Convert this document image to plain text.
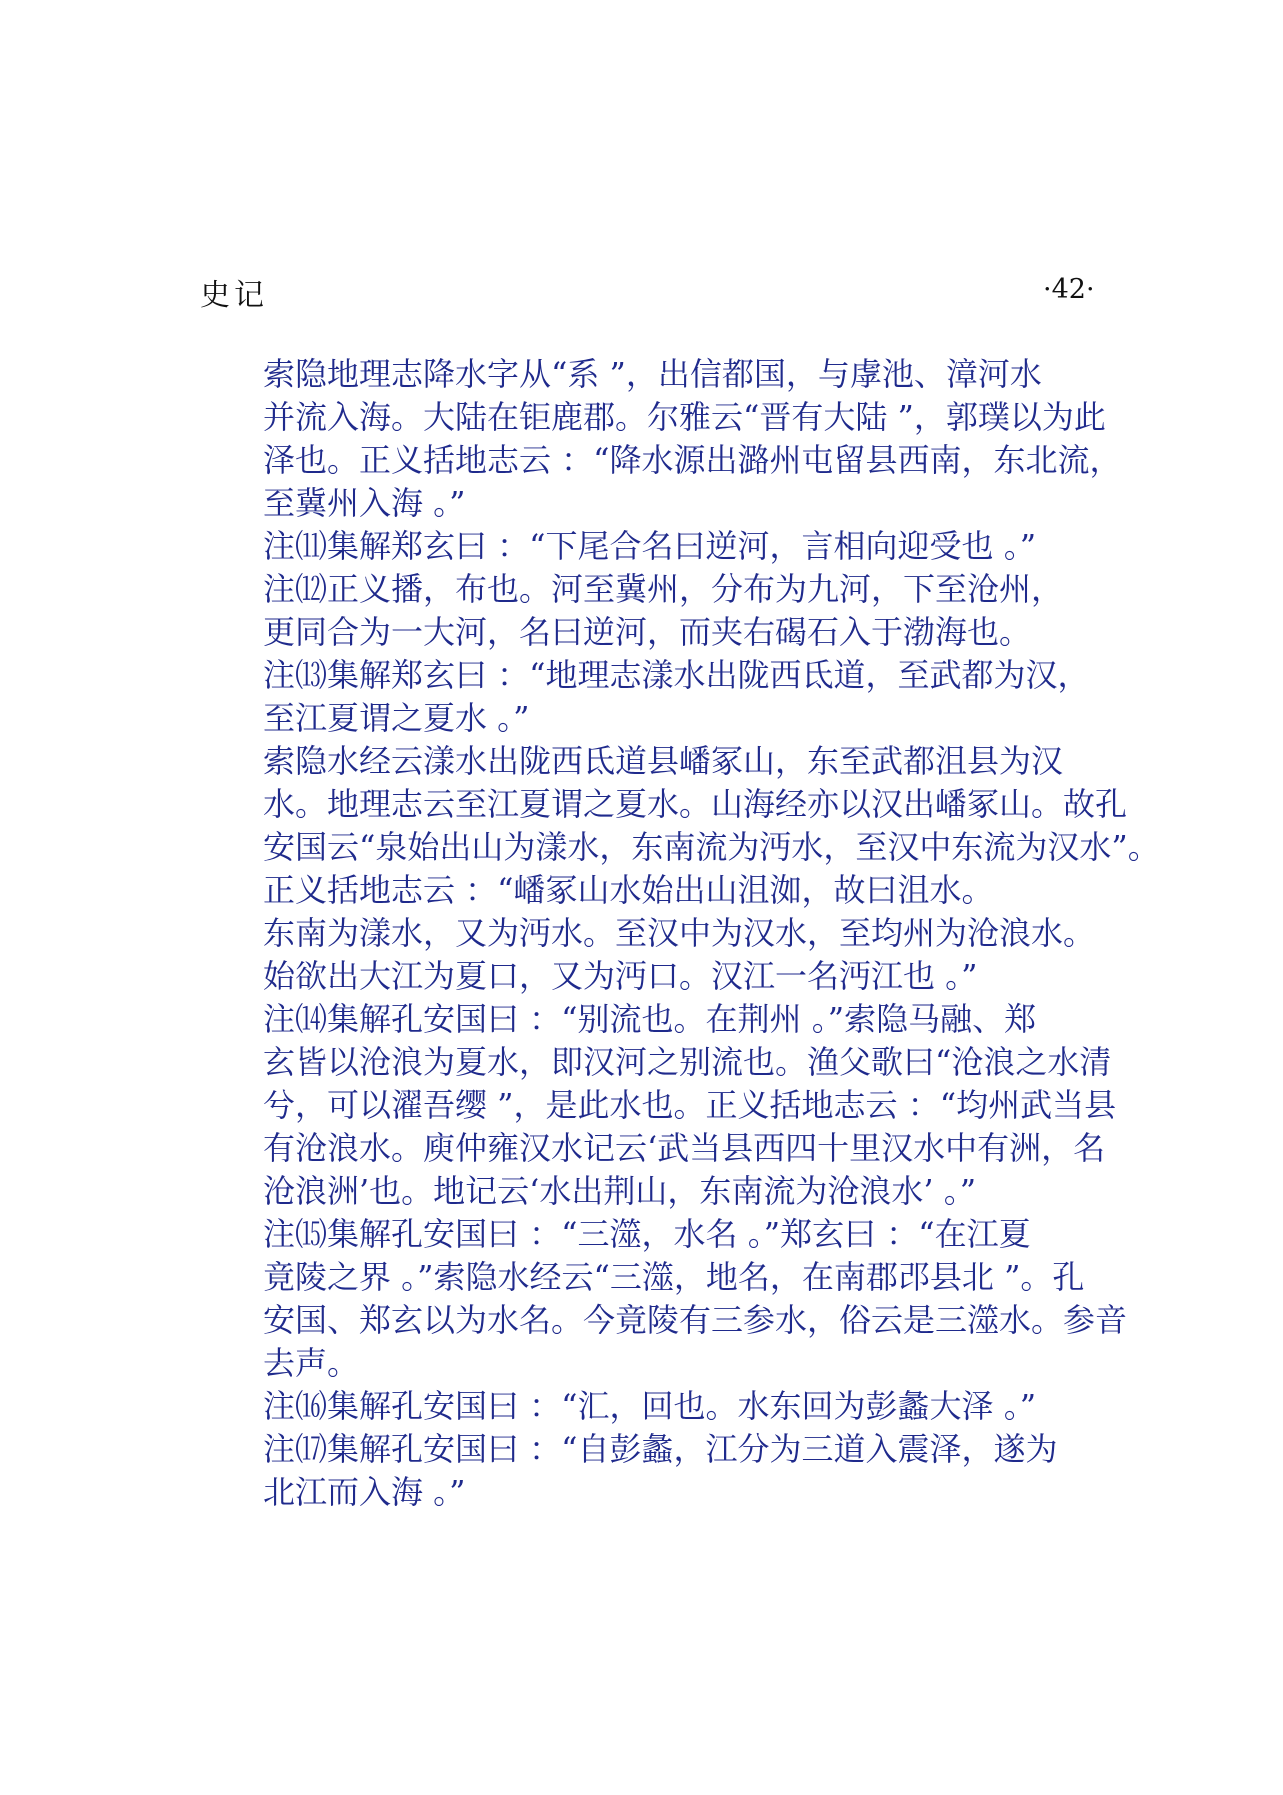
史记	·42·

索隐地理志降水字从“系 ”，出信都国，与虖池、漳河水
并流入海。大陆在钜鹿郡。尔雅云“晋有大陆 ”，郭璞以为此
泽也。正义括地志云 ：“降水源出潞州屯留县西南，东北流，
至冀州入海 。”

注⑾集解郑玄曰 ：“下尾合名曰逆河，言相向迎受也 。”

注⑿正义播，布也。河至冀州，分布为九河，下至沧州，
更同合为一大河，名曰逆河，而夹右碣石入于渤海也。

注⒀集解郑玄曰 ：“地理志漾水出陇西氐道，至武都为汉，
至江夏谓之夏水 。”

索隐水经云漾水出陇西氐道县嶓冢山，东至武都沮县为汉
水。地理志云至江夏谓之夏水。山海经亦以汉出嶓冢山。故孔
安国云“泉始出山为漾水，东南流为沔水，至汉中东流为汉水”。
正义括地志云 ：“嶓冢山水始出山沮洳，故曰沮水。

东南为漾水，又为沔水。至汉中为汉水，至均州为沧浪水。
始欲出大江为夏口，又为沔口。汉江一名沔江也 。”

注⒁集解孔安国曰 ：“别流也。在荆州 。”索隐马融、郑
玄皆以沧浪为夏水，即汉河之别流也。渔父歌曰“沧浪之水清
兮，可以濯吾缨 ”，是此水也。正义括地志云 ：“均州武当县
有沧浪水。庾仲雍汉水记云‘武当县西四十里汉水中有洲，名
沧浪洲’也。地记云‘水出荆山，东南流为沧浪水’ 。”

注⒂集解孔安国曰 ：“三澨，水名 。”郑玄曰 ：“在江夏
竟陵之界 。”索隐水经云“三澨，地名，在南郡邔县北 ”。孔
安国、郑玄以为水名。今竟陵有三参水，俗云是三澨水。参音
去声。

注⒃集解孔安国曰 ：“汇，回也。水东回为彭蠡大泽 。”

注⒄集解孔安国曰 ：“自彭蠡，江分为三道入震泽，遂为
北江而入海 。”
